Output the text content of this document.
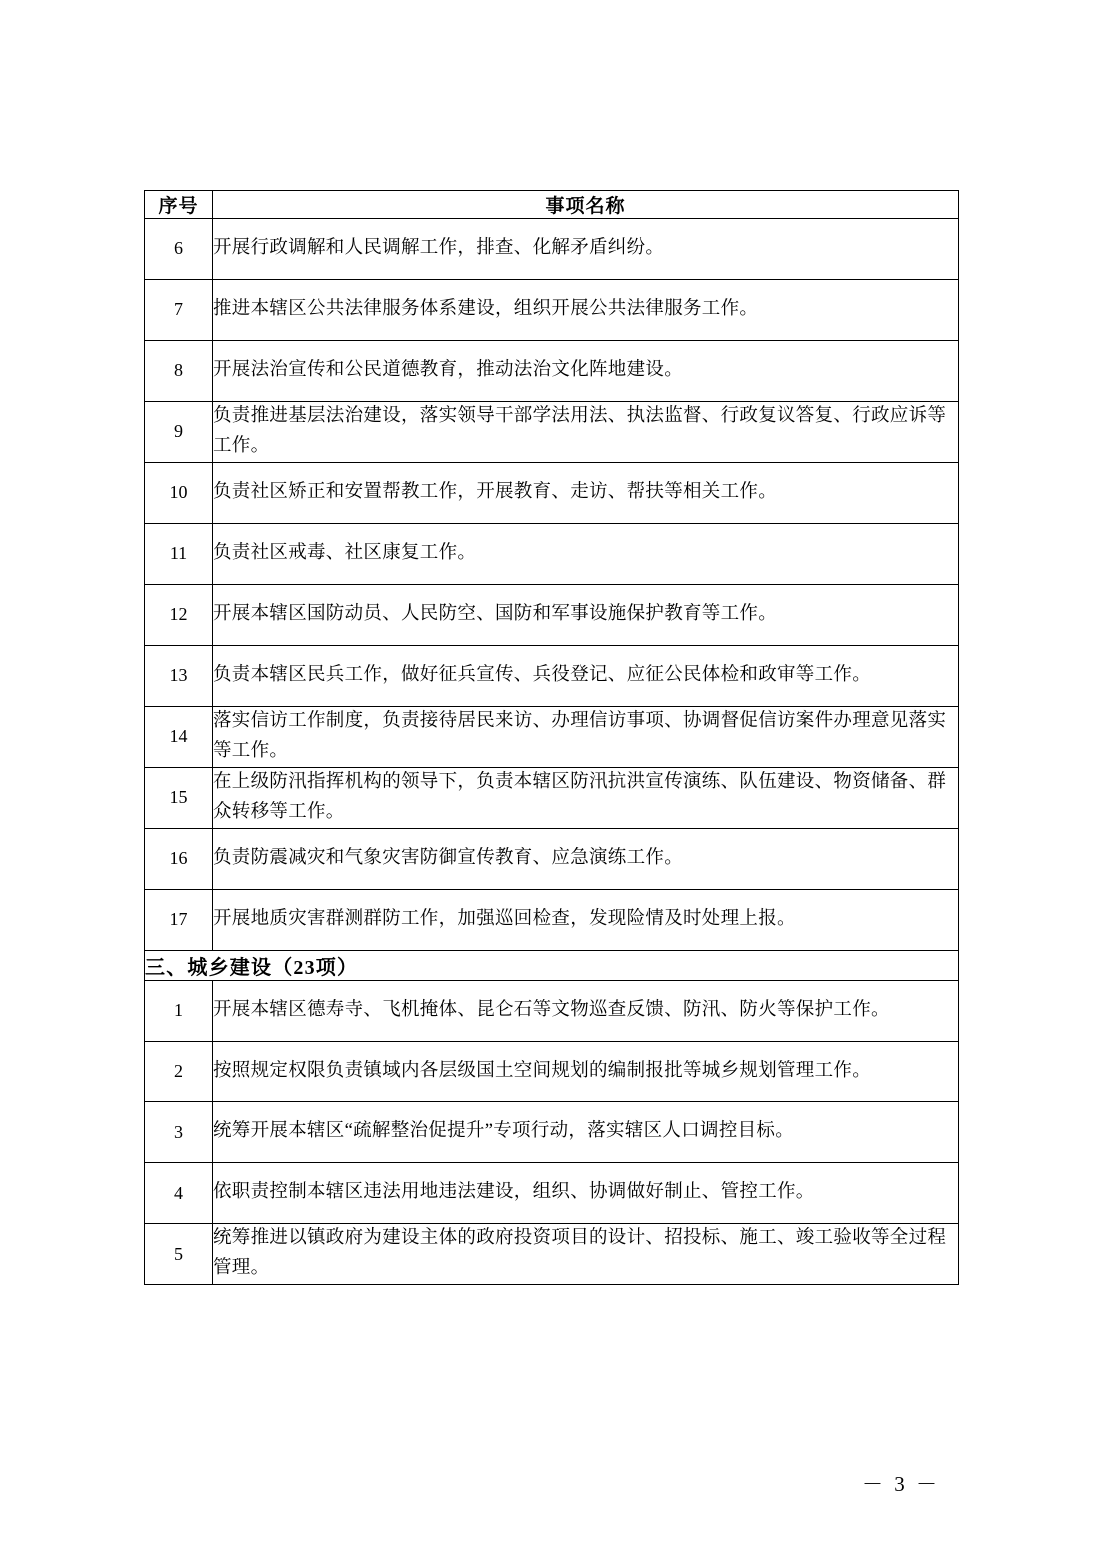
序号	事项名称
6	开展行政调解和人民调解工作，排查、化解矛盾纠纷。
7	推进本辖区公共法律服务体系建设，组织开展公共法律服务工作。
8	开展法治宣传和公民道德教育，推动法治文化阵地建设。
9	负责推进基层法治建设，落实领导干部学法用法、执法监督、行政复议答复、行政应诉等工作。
10	负责社区矫正和安置帮教工作，开展教育、走访、帮扶等相关工作。
11	负责社区戒毒、社区康复工作。
12	开展本辖区国防动员、人民防空、国防和军事设施保护教育等工作。
13	负责本辖区民兵工作，做好征兵宣传、兵役登记、应征公民体检和政审等工作。
14	落实信访工作制度，负责接待居民来访、办理信访事项、协调督促信访案件办理意见落实等工作。
15	在上级防汛指挥机构的领导下，负责本辖区防汛抗洪宣传演练、队伍建设、物资储备、群众转移等工作。
16	负责防震减灾和气象灾害防御宣传教育、应急演练工作。
17	开展地质灾害群测群防工作，加强巡回检查，发现险情及时处理上报。
三、城乡建设（23项）	
1	开展本辖区德寿寺、飞机掩体、昆仑石等文物巡查反馈、防汛、防火等保护工作。
2	按照规定权限负责镇域内各层级国土空间规划的编制报批等城乡规划管理工作。
3	统筹开展本辖区“疏解整治促提升”专项行动，落实辖区人口调控目标。
4	依职责控制本辖区违法用地违法建设，组织、协调做好制止、管控工作。
5	统筹推进以镇政府为建设主体的政府投资项目的设计、招投标、施工、竣工验收等全过程管理。
－ 3 －
